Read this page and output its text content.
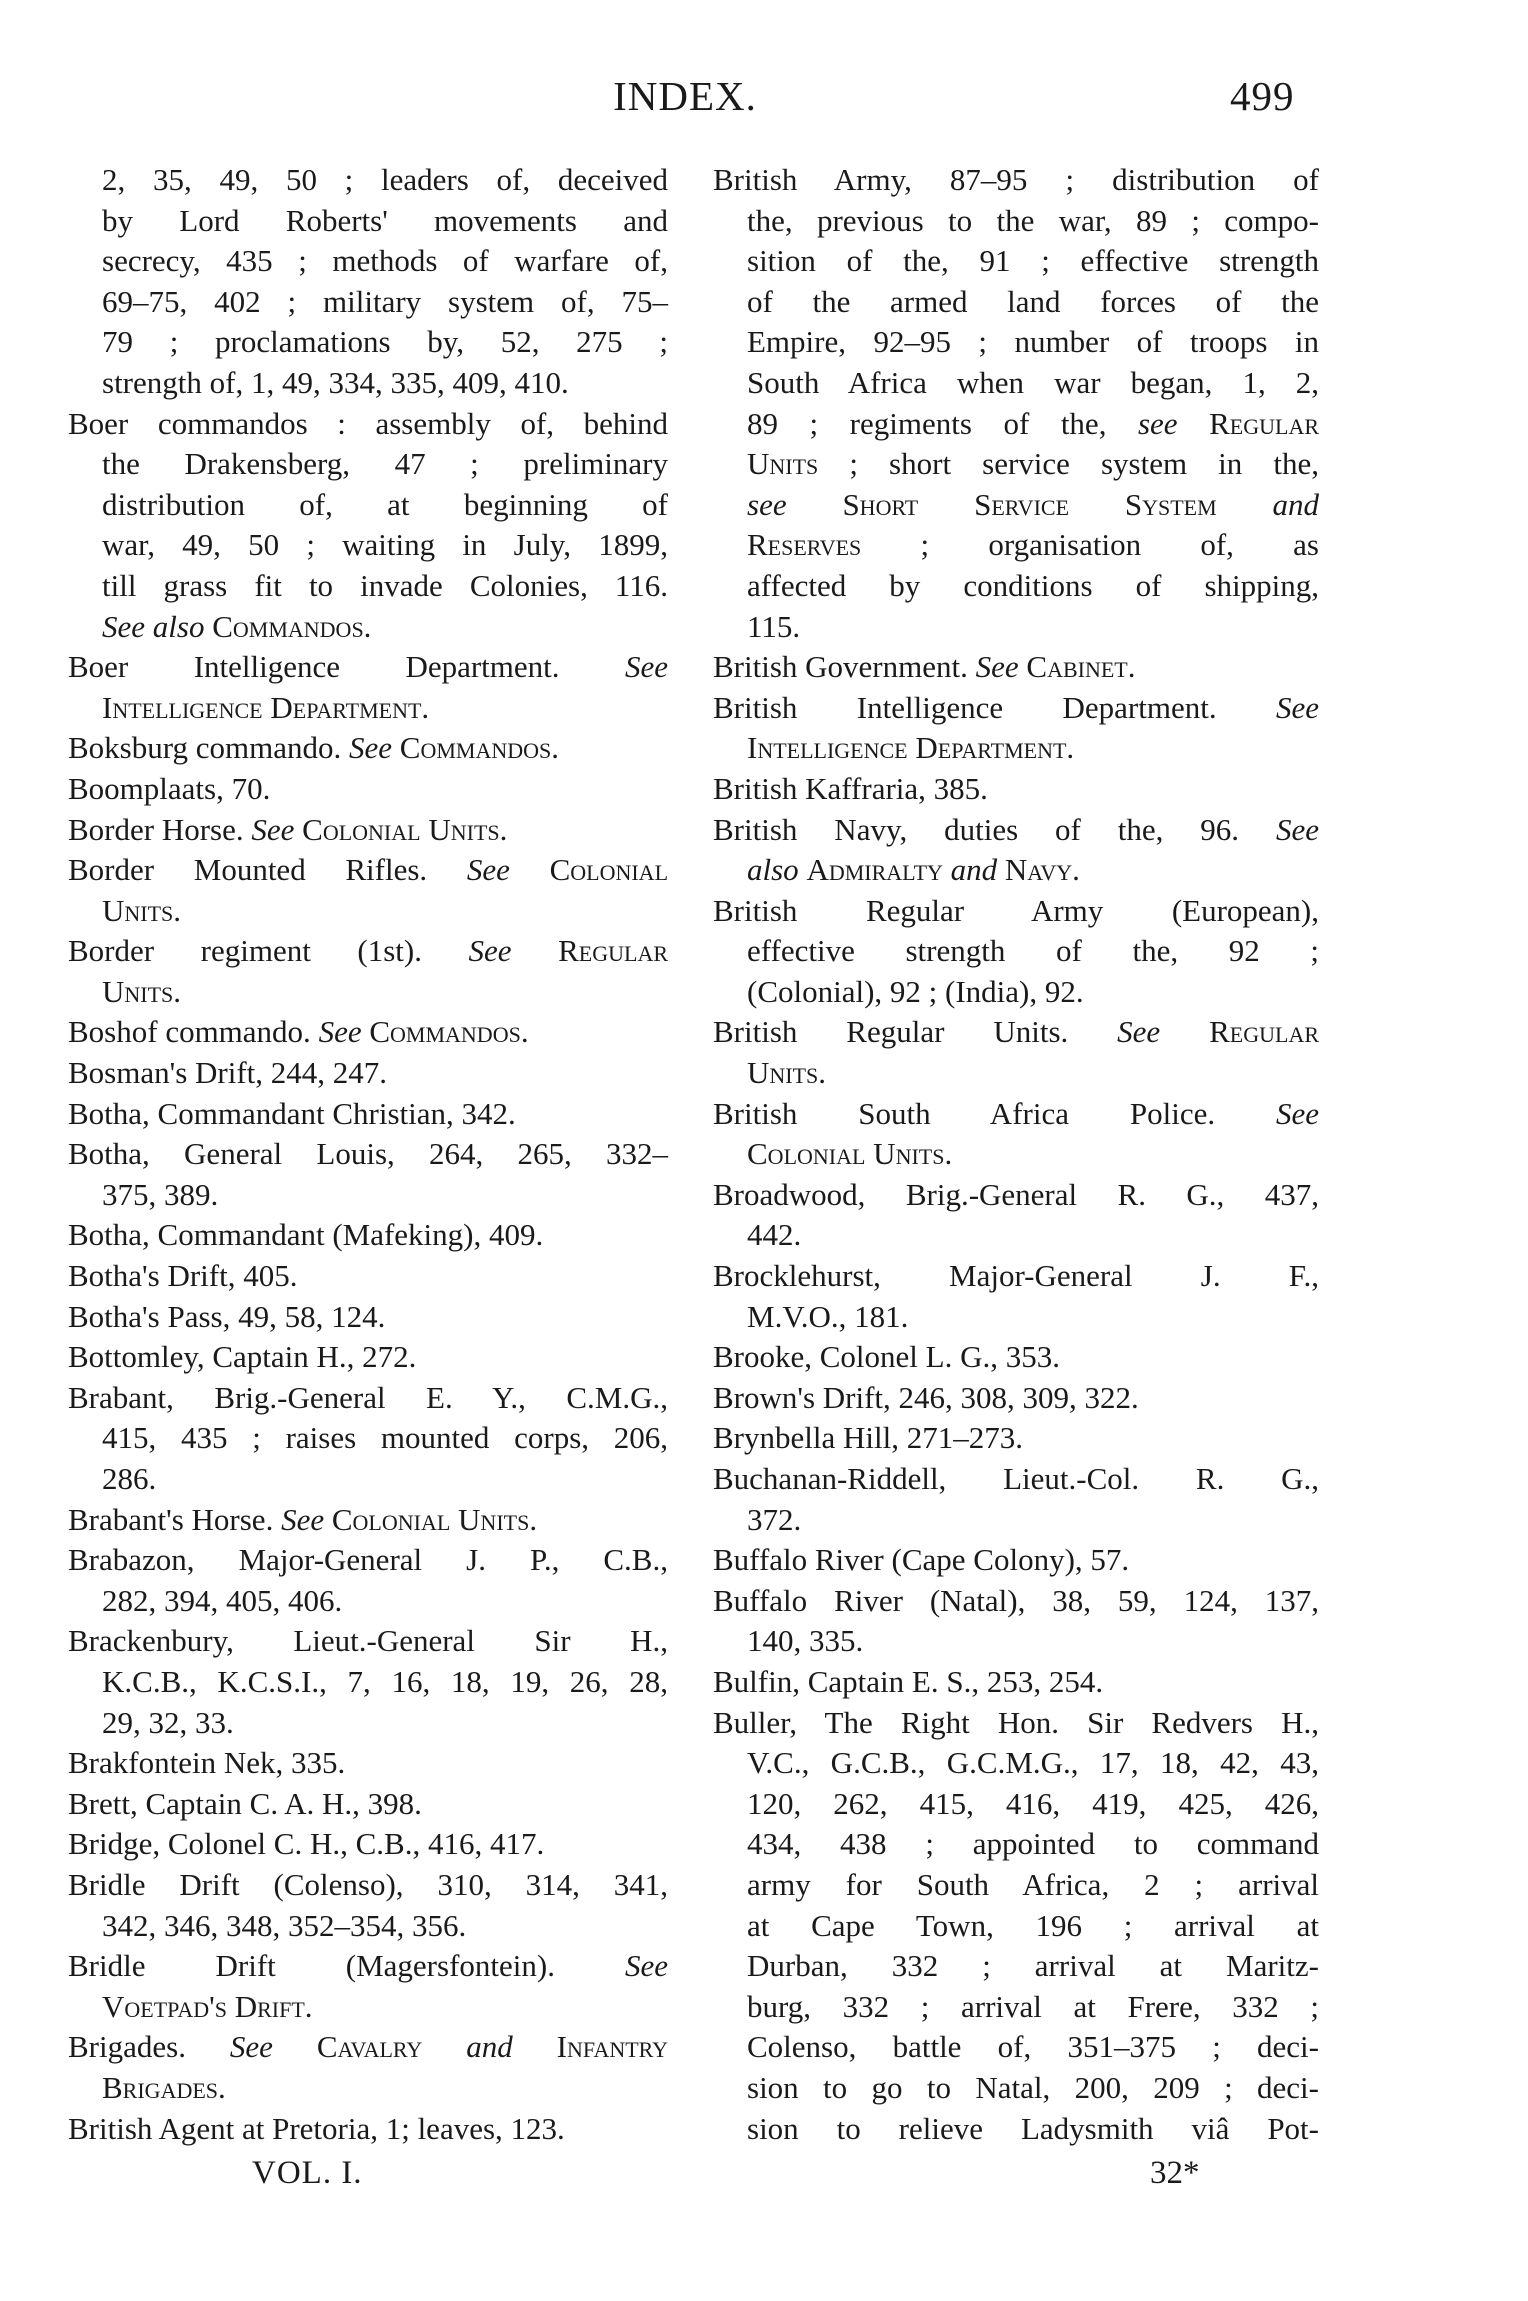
INDEX.	499
2, 35, 49, 50 ; leaders of, deceived
by Lord Roberts' movements and
secrecy, 435 ; methods of warfare of,
69–75, 402 ; military system of, 75–
79 ; proclamations by, 52, 275 ;
strength of, 1, 49, 334, 335, 409, 410.
Boer commandos : assembly of, behind
the Drakensberg, 47 ; preliminary
distribution of, at beginning of
war, 49, 50 ; waiting in July, 1899,
till grass fit to invade Colonies, 116.
See also Commandos.
Boer Intelligence Department. See
Intelligence Department.
Boksburg commando. See Commandos.
Boomplaats, 70.
Border Horse. See Colonial Units.
Border Mounted Rifles. See Colonial
Units.
Border regiment (1st). See Regular
Units.
Boshof commando. See Commandos.
Bosman's Drift, 244, 247.
Botha, Commandant Christian, 342.
Botha, General Louis, 264, 265, 332–
375, 389.
Botha, Commandant (Mafeking), 409.
Botha's Drift, 405.
Botha's Pass, 49, 58, 124.
Bottomley, Captain H., 272.
Brabant, Brig.-General E. Y., C.M.G.,
415, 435 ; raises mounted corps, 206,
286.
Brabant's Horse. See Colonial Units.
Brabazon, Major-General J. P., C.B.,
282, 394, 405, 406.
Brackenbury, Lieut.-General Sir H.,
K.C.B., K.C.S.I., 7, 16, 18, 19, 26, 28,
29, 32, 33.
Brakfontein Nek, 335.
Brett, Captain C. A. H., 398.
Bridge, Colonel C. H., C.B., 416, 417.
Bridle Drift (Colenso), 310, 314, 341,
342, 346, 348, 352–354, 356.
Bridle Drift (Magersfontein). See
Voetpad's Drift.
Brigades. See Cavalry and Infantry
Brigades.
British Agent at Pretoria, 1; leaves, 123.
British Army, 87–95 ; distribution of
the, previous to the war, 89 ; compo-
sition of the, 91 ; effective strength
of the armed land forces of the
Empire, 92–95 ; number of troops in
South Africa when war began, 1, 2,
89 ; regiments of the, see Regular
Units ; short service system in the,
see Short Service System and
Reserves ; organisation of, as
affected by conditions of shipping,
115.
British Government. See Cabinet.
British Intelligence Department. See
Intelligence Department.
British Kaffraria, 385.
British Navy, duties of the, 96. See
also Admiralty and Navy.
British Regular Army (European),
effective strength of the, 92 ;
(Colonial), 92 ; (India), 92.
British Regular Units. See Regular
Units.
British South Africa Police. See
Colonial Units.
Broadwood, Brig.-General R. G., 437,
442.
Brocklehurst, Major-General J. F.,
M.V.O., 181.
Brooke, Colonel L. G., 353.
Brown's Drift, 246, 308, 309, 322.
Brynbella Hill, 271–273.
Buchanan-Riddell, Lieut.-Col. R. G.,
372.
Buffalo River (Cape Colony), 57.
Buffalo River (Natal), 38, 59, 124, 137,
140, 335.
Bulfin, Captain E. S., 253, 254.
Buller, The Right Hon. Sir Redvers H.,
V.C., G.C.B., G.C.M.G., 17, 18, 42, 43,
120, 262, 415, 416, 419, 425, 426,
434, 438 ; appointed to command
army for South Africa, 2 ; arrival
at Cape Town, 196 ; arrival at
Durban, 332 ; arrival at Maritz-
burg, 332 ; arrival at Frere, 332 ;
Colenso, battle of, 351–375 ; deci-
sion to go to Natal, 200, 209 ; deci-
sion to relieve Ladysmith viâ Pot-
VOL. I.	32*
